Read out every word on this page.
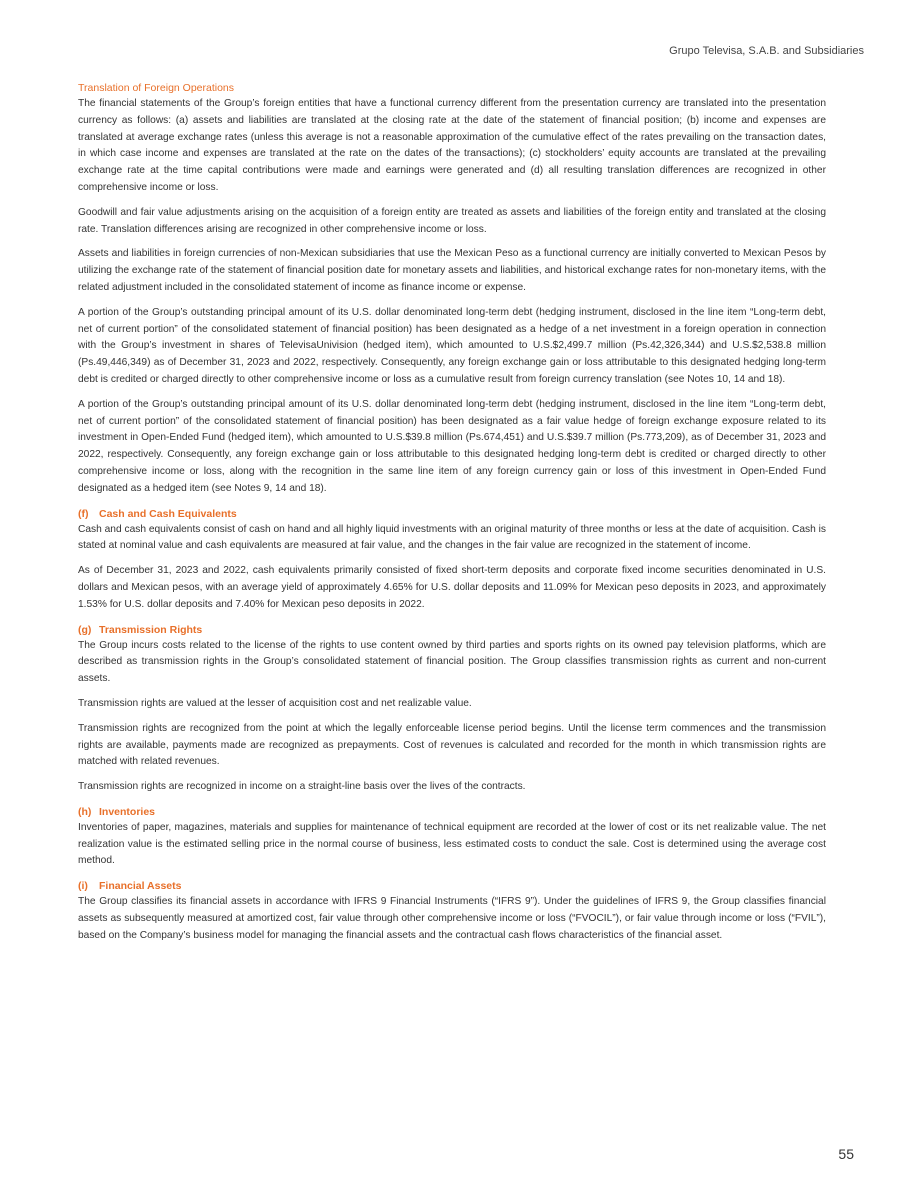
Grupo Televisa, S.A.B. and Subsidiaries
Translation of Foreign Operations

The financial statements of the Group’s foreign entities that have a functional currency different from the presentation currency are translated into the presentation currency as follows: (a) assets and liabilities are translated at the closing rate at the date of the statement of financial position; (b) income and expenses are translated at average exchange rates (unless this average is not a reasonable approximation of the cumulative effect of the rates prevailing on the transaction dates, in which case income and expenses are translated at the rate on the dates of the transactions); (c) stockholders’ equity accounts are translated at the prevailing exchange rate at the time capital contributions were made and earnings were generated and (d) all resulting translation differences are recognized in other comprehensive income or loss.

Goodwill and fair value adjustments arising on the acquisition of a foreign entity are treated as assets and liabilities of the foreign entity and translated at the closing rate. Translation differences arising are recognized in other comprehensive income or loss.

Assets and liabilities in foreign currencies of non-Mexican subsidiaries that use the Mexican Peso as a functional currency are initially converted to Mexican Pesos by utilizing the exchange rate of the statement of financial position date for monetary assets and liabilities, and historical exchange rates for non-monetary items, with the related adjustment included in the consolidated statement of income as finance income or expense.

A portion of the Group’s outstanding principal amount of its U.S. dollar denominated long-term debt (hedging instrument, disclosed in the line item “Long-term debt, net of current portion” of the consolidated statement of financial position) has been designated as a hedge of a net investment in a foreign operation in connection with the Group’s investment in shares of TelevisaUnivision (hedged item), which amounted to U.S.$2,499.7 million (Ps.42,326,344) and U.S.$2,538.8 million (Ps.49,446,349) as of December 31, 2023 and 2022, respectively. Consequently, any foreign exchange gain or loss attributable to this designated hedging long-term debt is credited or charged directly to other comprehensive income or loss as a cumulative result from foreign currency translation (see Notes 10, 14 and 18).

A portion of the Group’s outstanding principal amount of its U.S. dollar denominated long-term debt (hedging instrument, disclosed in the line item “Long-term debt, net of current portion” of the consolidated statement of financial position) has been designated as a fair value hedge of foreign exchange exposure related to its investment in Open-Ended Fund (hedged item), which amounted to U.S.$39.8 million (Ps.674,451) and U.S.$39.7 million (Ps.773,209), as of December 31, 2023 and 2022, respectively. Consequently, any foreign exchange gain or loss attributable to this designated hedging long-term debt is credited or charged directly to other comprehensive income or loss, along with the recognition in the same line item of any foreign currency gain or loss of this investment in Open-Ended Fund designated as a hedged item (see Notes 9, 14 and 18).

(f) Cash and Cash Equivalents

Cash and cash equivalents consist of cash on hand and all highly liquid investments with an original maturity of three months or less at the date of acquisition. Cash is stated at nominal value and cash equivalents are measured at fair value, and the changes in the fair value are recognized in the statement of income.

As of December 31, 2023 and 2022, cash equivalents primarily consisted of fixed short-term deposits and corporate fixed income securities denominated in U.S. dollars and Mexican pesos, with an average yield of approximately 4.65% for U.S. dollar deposits and 11.09% for Mexican peso deposits in 2023, and approximately 1.53% for U.S. dollar deposits and 7.40% for Mexican peso deposits in 2022.

(g) Transmission Rights

The Group incurs costs related to the license of the rights to use content owned by third parties and sports rights on its owned pay television platforms, which are described as transmission rights in the Group’s consolidated statement of financial position. The Group classifies transmission rights as current and non-current assets.

Transmission rights are valued at the lesser of acquisition cost and net realizable value.

Transmission rights are recognized from the point at which the legally enforceable license period begins. Until the license term commences and the transmission rights are available, payments made are recognized as prepayments. Cost of revenues is calculated and recorded for the month in which transmission rights are matched with related revenues.

Transmission rights are recognized in income on a straight-line basis over the lives of the contracts.

(h) Inventories

Inventories of paper, magazines, materials and supplies for maintenance of technical equipment are recorded at the lower of cost or its net realizable value. The net realization value is the estimated selling price in the normal course of business, less estimated costs to conduct the sale. Cost is determined using the average cost method.

(i) Financial Assets

The Group classifies its financial assets in accordance with IFRS 9 Financial Instruments (“IFRS 9”). Under the guidelines of IFRS 9, the Group classifies financial assets as subsequently measured at amortized cost, fair value through other comprehensive income or loss (“FVOCIL”), or fair value through income or loss (“FVIL”), based on the Company’s business model for managing the financial assets and the contractual cash flows characteristics of the financial asset.

55
